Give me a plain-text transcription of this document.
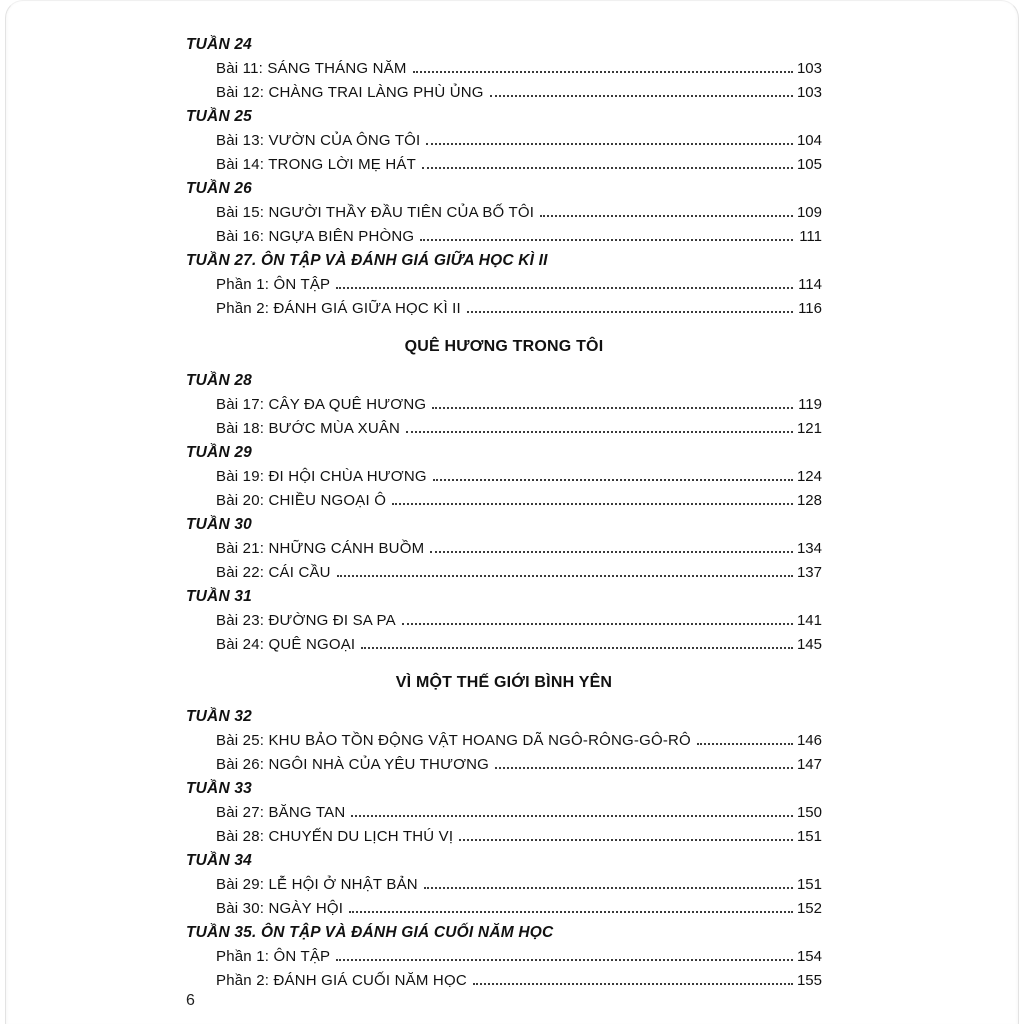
TUẦN 24
Bài 11: SÁNG THÁNG NĂM	103
Bài 12: CHÀNG TRAI LÀNG PHÙ ỦNG	103
TUẦN 25
Bài 13: VƯỜN CỦA ÔNG TÔI	104
Bài 14: TRONG LỜI MẸ HÁT	105
TUẦN 26
Bài 15: NGƯỜI THẦY ĐẦU TIÊN CỦA BỐ TÔI	109
Bài 16: NGỰA BIÊN PHÒNG	111
TUẦN 27. ÔN TẬP VÀ ĐÁNH GIÁ GIỮA HỌC KÌ II
Phần 1: ÔN TẬP	114
Phần 2: ĐÁNH GIÁ GIỮA HỌC KÌ II	116
QUÊ HƯƠNG TRONG TÔI
TUẦN 28
Bài 17: CÂY ĐA QUÊ HƯƠNG	119
Bài 18: BƯỚC MÙA XUÂN	121
TUẦN 29
Bài 19: ĐI HỘI CHÙA HƯƠNG	124
Bài 20: CHIỀU NGOẠI Ô	128
TUẦN 30
Bài 21: NHỮNG CÁNH BUỒM	134
Bài 22: CÁI CẦU	137
TUẦN 31
Bài 23: ĐƯỜNG ĐI SA PA	141
Bài 24: QUÊ NGOẠI	145
VÌ MỘT THẾ GIỚI BÌNH YÊN
TUẦN 32
Bài 25: KHU BẢO TỒN ĐỘNG VẬT HOANG DÃ NGÔ-RÔNG-GÔ-RÔ	146
Bài 26: NGÔI NHÀ CỦA YÊU THƯƠNG	147
TUẦN 33
Bài 27: BĂNG TAN	150
Bài 28: CHUYẾN DU LỊCH THÚ VỊ	151
TUẦN 34
Bài 29: LỄ HỘI Ở NHẬT BẢN	151
Bài 30: NGÀY HỘI	152
TUẦN 35. ÔN TẬP VÀ ĐÁNH GIÁ CUỐI NĂM HỌC
Phần 1: ÔN TẬP	154
Phần 2: ĐÁNH GIÁ CUỐI NĂM HỌC	155
6
